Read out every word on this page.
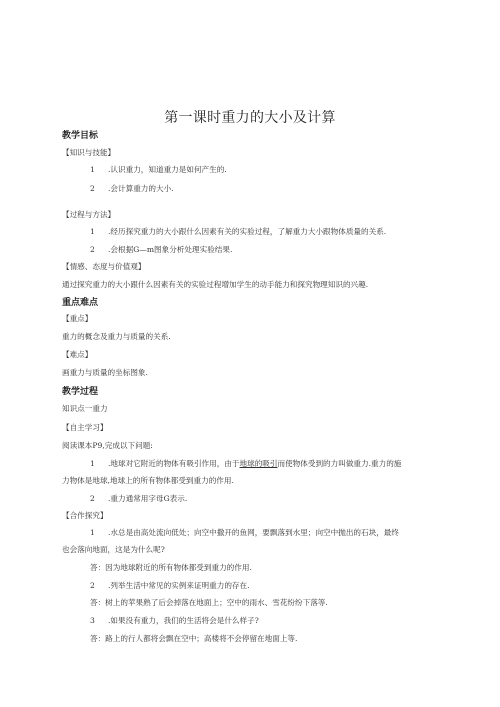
第一课时重力的大小及计算
教学目标
【知识与技能】
1 .认识重力，知道重力是如何产生的.
2 .会计算重力的大小.
【过程与方法】
1 .经历探究重力的大小跟什么因素有关的实验过程，了解重力大小跟物体质量的关系.
2 .会根据G—m图象分析处理实验结果.
【情感、态度与价值观】
通过探究重力的大小跟什么因素有关的实验过程增加学生的动手能力和探究物理知识的兴趣.
重点难点
【重点】
重力的概念及重力与质量的关系.
【难点】
画重力与质量的坐标图象.
教学过程
知识点一重力
【自主学习】
阅读课本P9,完成以下问题:
1 .地球对它附近的物体有吸引作用，由于地球的吸引而使物体受到的力叫做重力.重力的施
力物体是地球,地球上的所有物体都受到重力的作用.
2 .重力通常用字母G表示.
【合作探究】
1 .水总是由高处流向低处；向空中撒开的鱼网，要飘落到水里；向空中抛出的石块，最终
也会落向地面，这是为什么呢?
答：因为地球附近的所有物体都受到重力的作用.
2 .列举生活中常见的实例来证明重力的存在.
答：树上的苹果熟了后会掉落在地面上；空中的雨水、雪花纷纷下落等.
3 .如果没有重力，我们的生活将会是什么样子?
答：路上的行人都将会飘在空中；高楼将不会停留在地面上等.
